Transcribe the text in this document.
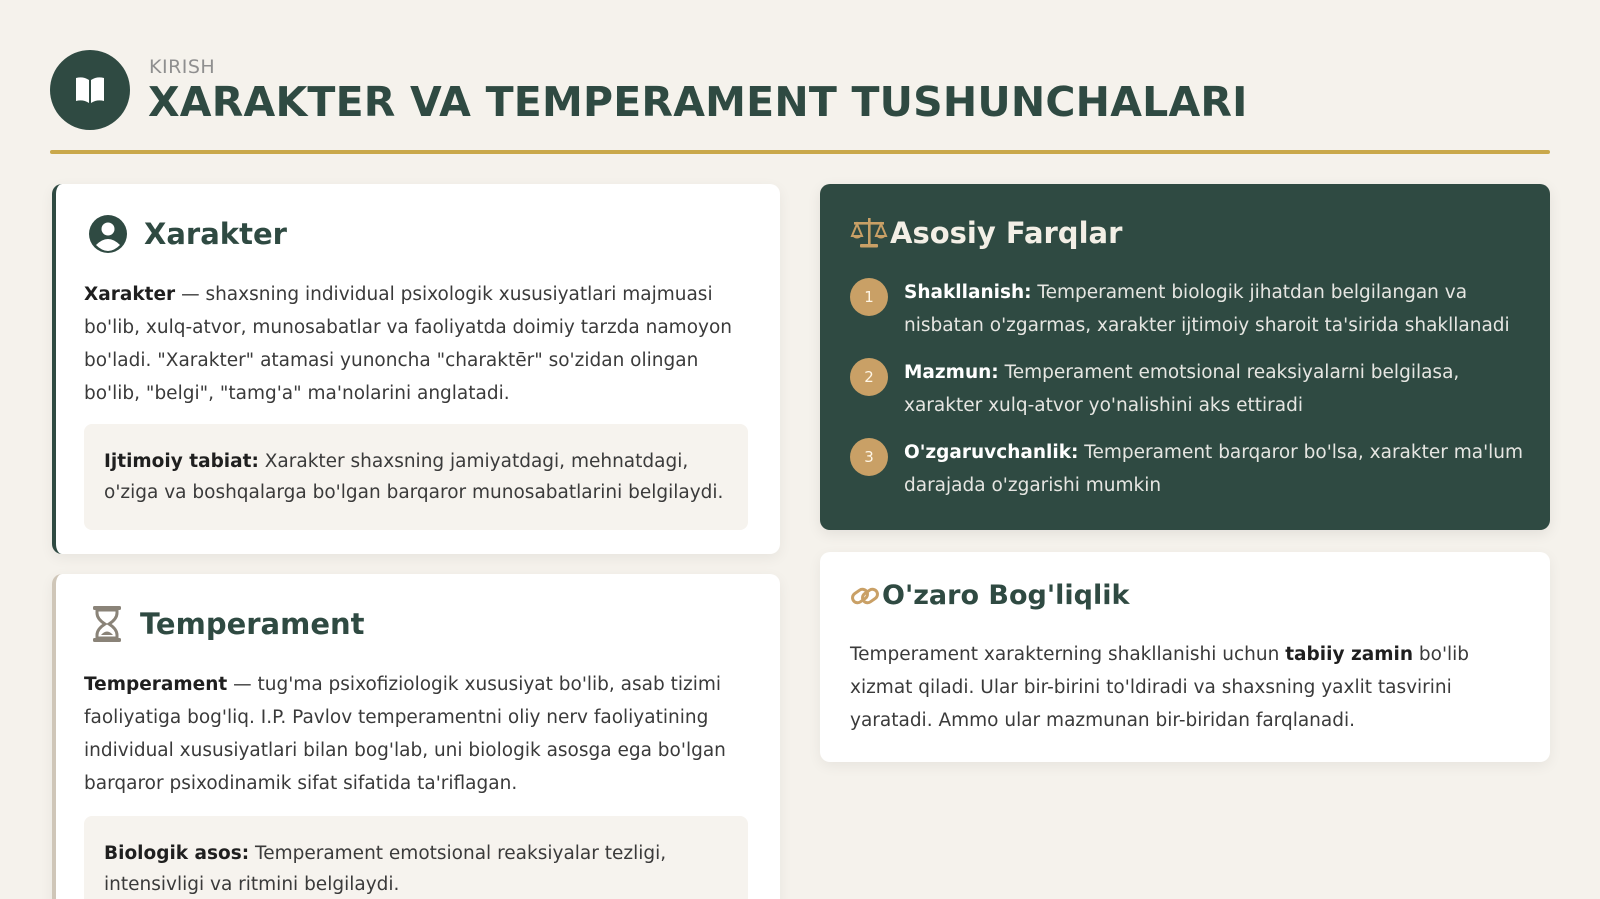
KIRISH
XARAKTER VA TEMPERAMENT TUSHUNCHALARI
Xarakter
Xarakter — shaxsning individual psixologik xususiyatlari majmuasi bo'lib, xulq-atvor, munosabatlar va faoliyatda doimiy tarzda namoyon bo'ladi. "Xarakter" atamasi yunoncha "charaktēr" so'zidan olingan bo'lib, "belgi", "tamg'a" ma'nolarini anglatadi.
Ijtimoiy tabiat: Xarakter shaxsning jamiyatdagi, mehnatdagi, o'ziga va boshqalarga bo'lgan barqaror munosabatlarini belgilaydi.
Temperament
Temperament — tug'ma psixofiziologik xususiyat bo'lib, asab tizimi faoliyatiga bog'liq. I.P. Pavlov temperamentni oliy nerv faoliyatining individual xususiyatlari bilan bog'lab, uni biologik asosga ega bo'lgan barqaror psixodinamik sifat sifatida ta'riflagan.
Biologik asos: Temperament emotsional reaksiyalar tezligi, intensivligi va ritmini belgilaydi.
Asosiy Farqlar
1	Shakllanish: Temperament biologik jihatdan belgilangan va nisbatan o'zgarmas, xarakter ijtimoiy sharoit ta'sirida shakllanadi
2	Mazmun: Temperament emotsional reaksiyalarni belgilasa, xarakter xulq-atvor yo'nalishini aks ettiradi
3	O'zgaruvchanlik: Temperament barqaror bo'lsa, xarakter ma'lum darajada o'zgarishi mumkin
O'zaro Bog'liqlik
Temperament xarakterning shakllanishi uchun tabiiy zamin bo'lib xizmat qiladi. Ular bir-birini to'ldiradi va shaxsning yaxlit tasvirini yaratadi. Ammo ular mazmunan bir-biridan farqlanadi.
